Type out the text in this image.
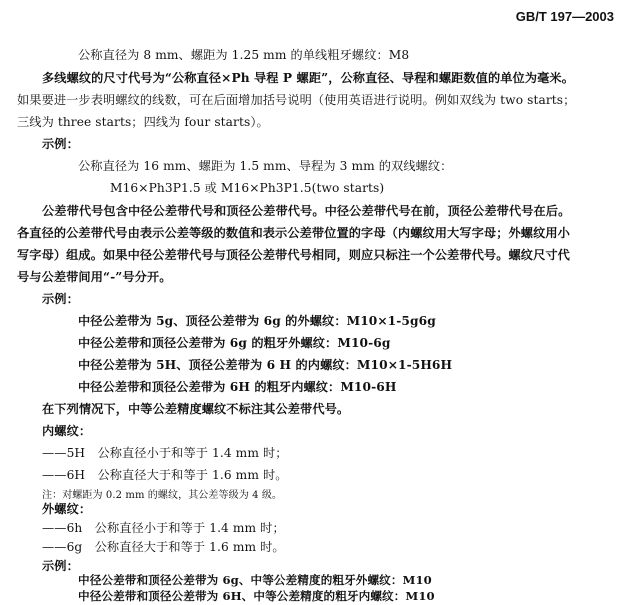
GB/T 197—2003
公称直径为 8 mm、螺距为 1.25 mm 的单线粗牙螺纹：M8
多线螺纹的尺寸代号为“公称直径×Ph 导程 P 螺距”，公称直径、导程和螺距数值的单位为毫米。
如果要进一步表明螺纹的线数，可在后面增加括号说明（使用英语进行说明。例如双线为 two starts；
三线为 three starts；四线为 four starts）。
示例：
公称直径为 16 mm、螺距为 1.5 mm、导程为 3 mm 的双线螺纹：
M16×Ph3P1.5 或 M16×Ph3P1.5(two starts)
公差带代号包含中径公差带代号和顶径公差带代号。中径公差带代号在前，顶径公差带代号在后。
各直径的公差带代号由表示公差等级的数值和表示公差带位置的字母（内螺纹用大写字母；外螺纹用小
写字母）组成。如果中径公差带代号与顶径公差带代号相同，则应只标注一个公差带代号。螺纹尺寸代
号与公差带间用“-”号分开。
示例：
中径公差带为 5g、顶径公差带为 6g 的外螺纹：M10×1-5g6g
中径公差带和顶径公差带为 6g 的粗牙外螺纹：M10-6g
中径公差带为 5H、顶径公差带为 6 H 的内螺纹：M10×1-5H6H
中径公差带和顶径公差带为 6H 的粗牙内螺纹：M10-6H
在下列情况下，中等公差精度螺纹不标注其公差带代号。
内螺纹：
——5H　公称直径小于和等于 1.4 mm 时；
——6H　公称直径大于和等于 1.6 mm 时。
注：对螺距为 0.2 mm 的螺纹，其公差等级为 4 级。
外螺纹：
——6h　公称直径小于和等于 1.4 mm 时；
——6g　公称直径大于和等于 1.6 mm 时。
示例：
中径公差带和顶径公差带为 6g、中等公差精度的粗牙外螺纹：M10
中径公差带和顶径公差带为 6H、中等公差精度的粗牙内螺纹：M10
